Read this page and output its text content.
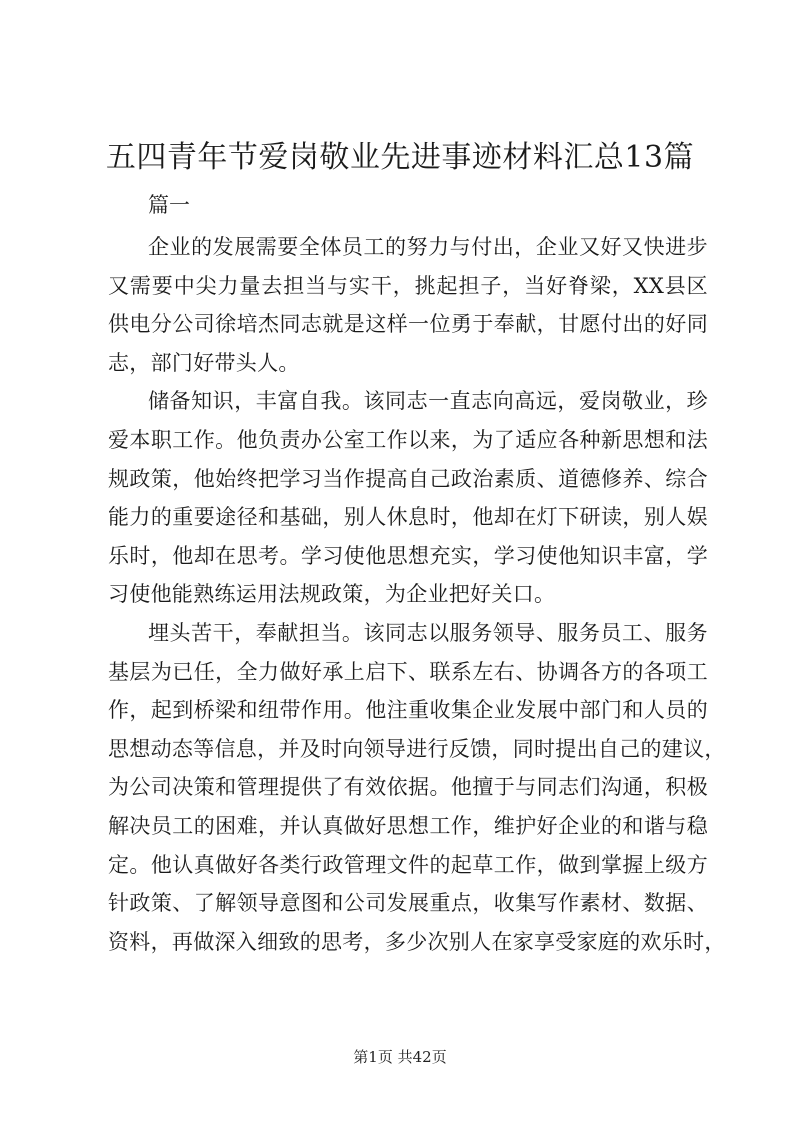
五四青年节爱岗敬业先进事迹材料汇总13篇
篇一
企业的发展需要全体员工的努力与付出，企业又好又快进步
又需要中尖力量去担当与实干，挑起担子，当好脊梁，XX县区
供电分公司徐培杰同志就是这样一位勇于奉献，甘愿付出的好同
志，部门好带头人。
储备知识，丰富自我。该同志一直志向高远，爱岗敬业，珍
爱本职工作。他负责办公室工作以来，为了适应各种新思想和法
规政策，他始终把学习当作提高自己政治素质、道德修养、综合
能力的重要途径和基础，别人休息时，他却在灯下研读，别人娱
乐时，他却在思考。学习使他思想充实，学习使他知识丰富，学
习使他能熟练运用法规政策，为企业把好关口。
埋头苦干，奉献担当。该同志以服务领导、服务员工、服务
基层为已任，全力做好承上启下、联系左右、协调各方的各项工
作，起到桥梁和纽带作用。他注重收集企业发展中部门和人员的
思想动态等信息，并及时向领导进行反馈，同时提出自己的建议，
为公司决策和管理提供了有效依据。他擅于与同志们沟通，积极
解决员工的困难，并认真做好思想工作，维护好企业的和谐与稳
定。他认真做好各类行政管理文件的起草工作，做到掌握上级方
针政策、了解领导意图和公司发展重点，收集写作素材、数据、
资料，再做深入细致的思考，多少次别人在家享受家庭的欢乐时，
第1页 共42页
